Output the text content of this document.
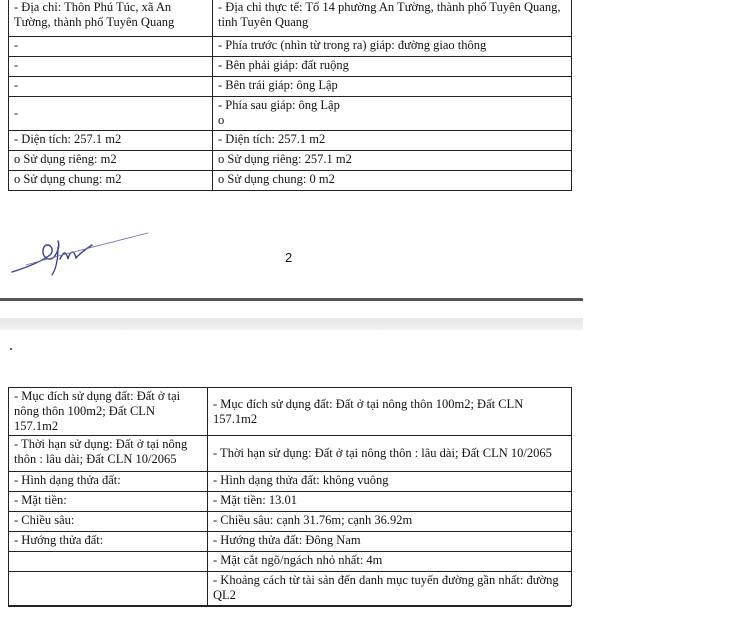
- Địa chỉ: Thôn Phú Túc, xã An Tường, thành phố Tuyên Quang	- Địa chỉ thực tế: Tổ 14 phường An Tường, thành phố Tuyên Quang, tỉnh Tuyên Quang
-	- Phía trước (nhìn từ trong ra) giáp: đường giao thông
-	- Bên phải giáp: đất ruộng
-	- Bên trái giáp: ông Lập
-	- Phía sau giáp: ông Lập
o
- Diện tích: 257.1 m2	- Diện tích: 257.1 m2
o Sử dụng riêng: m2	o Sử dụng riêng: 257.1 m2
o Sử dụng chung: m2	o Sử dụng chung: 0 m2
2
- Mục đích sử dụng đất: Đất ở tại nông thôn 100m2; Đất CLN 157.1m2	- Mục đích sử dụng đất: Đất ở tại nông thôn 100m2; Đất CLN 157.1m2
- Thời hạn sử dụng: Đất ở tại nông thôn : lâu dài; Đất CLN 10/2065	- Thời hạn sử dụng: Đất ở tại nông thôn : lâu dài; Đất CLN 10/2065
- Hình dạng thửa đất:	- Hình dạng thửa đất: không vuông
- Mặt tiền:	- Mặt tiền: 13.01
- Chiều sâu:	- Chiều sâu: cạnh 31.76m; cạnh 36.92m
- Hướng thửa đất:	- Hướng thửa đất: Đông Nam
	- Mặt cắt ngõ/ngách nhỏ nhất: 4m
	- Khoảng cách từ tài sản đến danh mục tuyến đường gần nhất: đường QL2
